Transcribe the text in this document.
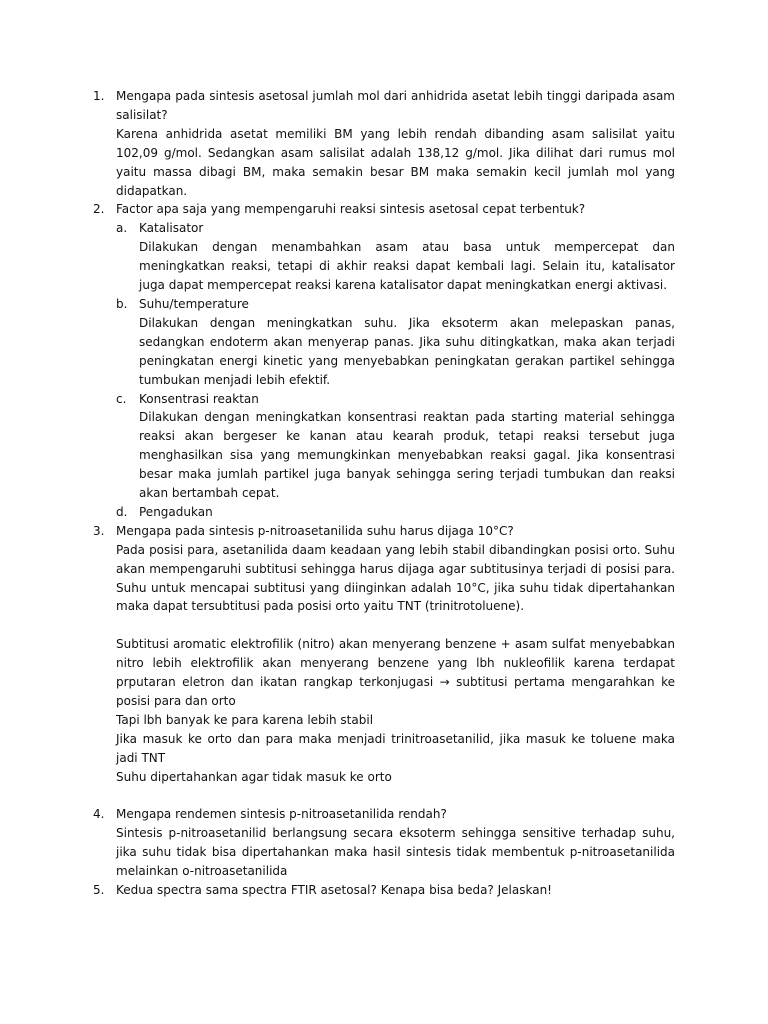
1. Mengapa pada sintesis asetosal jumlah mol dari anhidrida asetat lebih tinggi daripada asam salisilat?

Karena anhidrida asetat memiliki BM yang lebih rendah dibanding asam salisilat yaitu 102,09 g/mol. Sedangkan asam salisilat adalah 138,12 g/mol. Jika dilihat dari rumus mol yaitu massa dibagi BM, maka semakin besar BM maka semakin kecil jumlah mol yang didapatkan.

2. Factor apa saja yang mempengaruhi reaksi sintesis asetosal cepat terbentuk?

a. Katalisator

Dilakukan dengan menambahkan asam atau basa untuk mempercepat dan meningkatkan reaksi, tetapi di akhir reaksi dapat kembali lagi. Selain itu, katalisator juga dapat mempercepat reaksi karena katalisator dapat meningkatkan energi aktivasi.

b. Suhu/temperature

Dilakukan dengan meningkatkan suhu. Jika eksoterm akan melepaskan panas, sedangkan endoterm akan menyerap panas. Jika suhu ditingkatkan, maka akan terjadi peningkatan energi kinetic yang menyebabkan peningkatan gerakan partikel sehingga tumbukan menjadi lebih efektif.

c. Konsentrasi reaktan

Dilakukan dengan meningkatkan konsentrasi reaktan pada starting material sehingga reaksi akan bergeser ke kanan atau kearah produk, tetapi reaksi tersebut juga menghasilkan sisa yang memungkinkan menyebabkan reaksi gagal. Jika konsentrasi besar maka jumlah partikel juga banyak sehingga sering terjadi tumbukan dan reaksi akan bertambah cepat.

d. Pengadukan

3. Mengapa pada sintesis p-nitroasetanilida suhu harus dijaga 10°C?

Pada posisi para, asetanilida daam keadaan yang lebih stabil dibandingkan posisi orto. Suhu akan mempengaruhi subtitusi sehingga harus dijaga agar subtitusinya terjadi di posisi para. Suhu untuk mencapai subtitusi yang diinginkan adalah 10°C, jika suhu tidak dipertahankan maka dapat tersubtitusi pada posisi orto yaitu TNT (trinitrotoluene).

Subtitusi aromatic elektrofilik (nitro) akan menyerang benzene + asam sulfat menyebabkan nitro lebih elektrofilik akan menyerang benzene yang lbh nukleofilik karena terdapat prputaran eletron dan ikatan rangkap terkonjugasi → subtitusi pertama mengarahkan ke posisi para dan orto

Tapi lbh banyak ke para karena lebih stabil

Jika masuk ke orto dan para maka menjadi trinitroasetanilid, jika masuk ke toluene maka jadi TNT

Suhu dipertahankan agar tidak masuk ke orto

4. Mengapa rendemen sintesis p-nitroasetanilida rendah?

Sintesis p-nitroasetanilid berlangsung secara eksoterm sehingga sensitive terhadap suhu, jika suhu tidak bisa dipertahankan maka hasil sintesis tidak membentuk p-nitroasetanilida melainkan o-nitroasetanilida

5. Kedua spectra sama spectra FTIR asetosal? Kenapa bisa beda? Jelaskan!
